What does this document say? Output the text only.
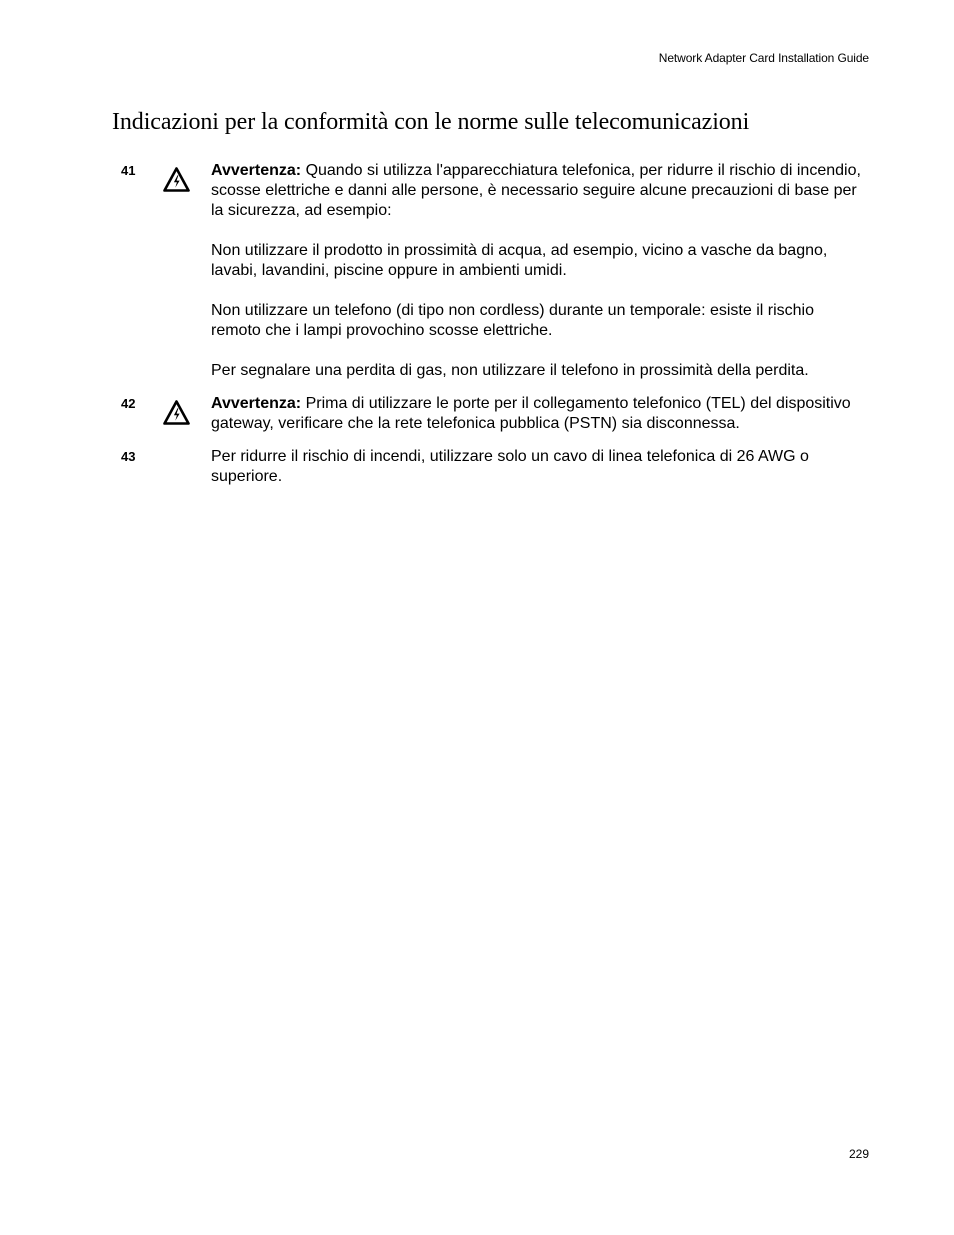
Network Adapter Card Installation Guide
Indicazioni per la conformità con le norme sulle telecomunicazioni
41	Avvertenza: Quando si utilizza l'apparecchiatura telefonica, per ridurre il rischio di incendio, scosse elettriche e danni alle persone, è necessario seguire alcune precauzioni di base per la sicurezza, ad esempio:

Non utilizzare il prodotto in prossimità di acqua, ad esempio, vicino a vasche da bagno, lavabi, lavandini, piscine oppure in ambienti umidi.

Non utilizzare un telefono (di tipo non cordless) durante un temporale: esiste il rischio remoto che i lampi provochino scosse elettriche.

Per segnalare una perdita di gas, non utilizzare il telefono in prossimità della perdita.

42	Avvertenza: Prima di utilizzare le porte per il collegamento telefonico (TEL) del dispositivo gateway, verificare che la rete telefonica pubblica (PSTN) sia disconnessa.

43	Per ridurre il rischio di incendi, utilizzare solo un cavo di linea telefonica di 26 AWG o superiore.

229
